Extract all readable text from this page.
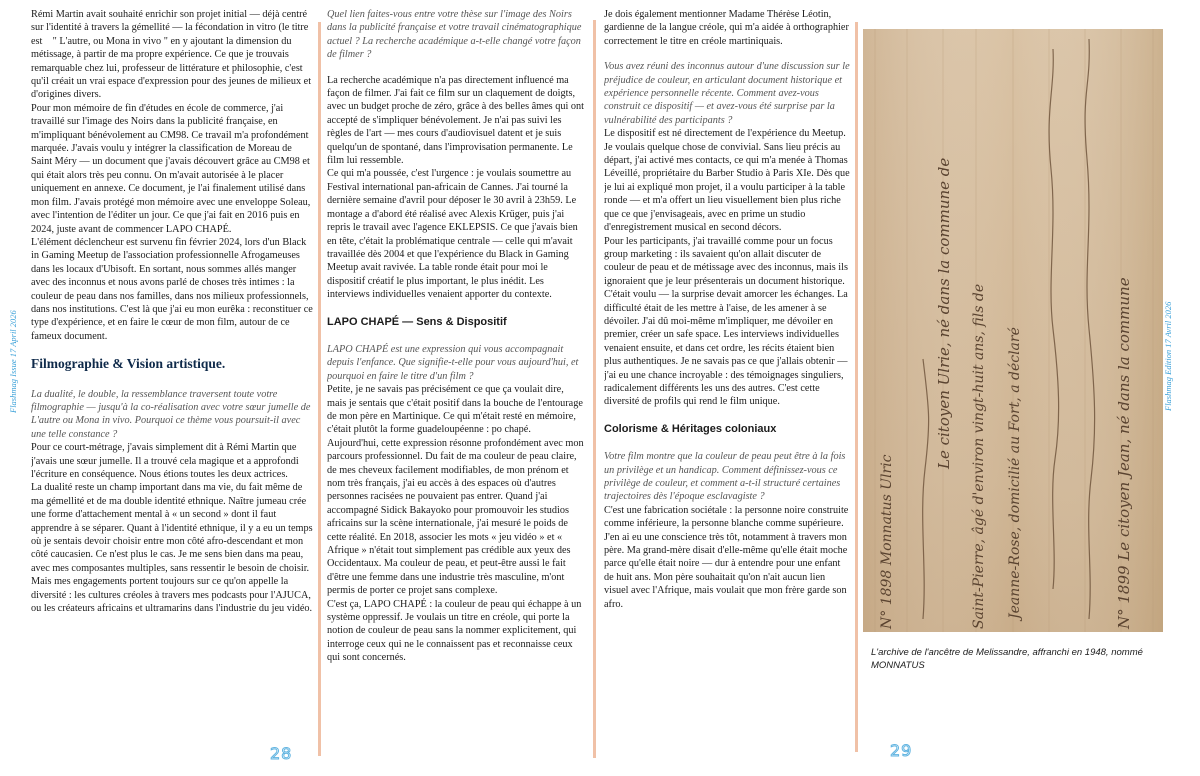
Rémi Martin avait souhaité enrichir son projet initial — déjà centré sur l'identité à travers la gémellité — la fécondation in vitro (le titre est    " L'autre, ou Mona in vivo " en y ajoutant la dimension du métissage, à partir de ma propre expérience. Ce que je trouvais remarquable chez lui, professeur de littérature et philosophie, c'est qu'il créait un vrai espace d'expression pour des jeunes de milieux et d'origines divers.
Pour mon mémoire de fin d'études en école de commerce, j'ai travaillé sur l'image des Noirs dans la publicité française, en m'impliquant bénévolement au CM98. Ce travail m'a profondément marquée. J'avais voulu y intégrer la classification de Moreau de Saint Méry — un document que j'avais découvert grâce au CM98 et qui était alors très peu connu. On m'avait autorisée à le placer uniquement en annexe. Ce document, je l'ai finalement utilisé dans mon film. J'avais protégé mon mémoire avec une enveloppe Soleau, avec l'intention de l'éditer un jour. Ce que j'ai fait en 2016 puis en 2024, juste avant de commencer LAPO CHAPÉ.
L'élément déclencheur est survenu fin février 2024, lors d'un Black in Gaming Meetup de l'association professionnelle Afrogameuses dans les locaux d'Ubisoft. En sortant, nous sommes allés manger avec des inconnus et nous avons parlé de choses très intimes : la couleur de peau dans nos familles, dans nos milieux professionnels, dans nos institutions. C'est là que j'ai eu mon eurêka : reconstituer ce type d'expérience, et en faire le cœur de mon film, autour de ce fameux document.
Filmographie & Vision artistique.
La dualité, le double, la ressemblance traversent toute votre filmographie — jusqu'à la co-réalisation avec votre sœur jumelle de L'autre ou Mona in vivo. Pourquoi ce thème vous poursuit-il avec une telle constance ?
Pour ce court-métrage, j'avais simplement dit à Rémi Martin que j'avais une sœur jumelle. Il a trouvé cela magique et a approfondi l'écriture en conséquence. Nous étions toutes les deux actrices.
La dualité reste un champ important dans ma vie, du fait même de ma gémellité et de ma double identité ethnique. Naître jumeau crée une forme d'attachement mental à « un second » dont il faut apprendre à se séparer. Quant à l'identité ethnique, il y a eu un temps où je sentais devoir choisir entre mon côté afro-descendant et mon côté caucasien. Ce n'est plus le cas. Je me sens bien dans ma peau, avec mes composantes multiples, sans ressentir le besoin de choisir.
Mais mes engagements portent toujours sur ce qu'on appelle la diversité : les cultures créoles à travers mes podcasts pour l'AJUCA, ou les créateurs africains et ultramarins dans l'industrie du jeu vidéo.
Quel lien faites-vous entre votre thèse sur l'image des Noirs dans la publicité française et votre travail cinématographique actuel ? La recherche académique a-t-elle changé votre façon de filmer ?
La recherche académique n'a pas directement influencé ma façon de filmer. J'ai fait ce film sur un claquement de doigts, avec un budget proche de zéro, grâce à des belles âmes qui ont accepté de s'impliquer bénévolement. Je n'ai pas suivi les règles de l'art — mes cours d'audiovisuel datent et je suis quelqu'un de spontané, dans l'improvisation permanente. Le film lui ressemble.
Ce qui m'a poussée, c'est l'urgence : je voulais soumettre au Festival international pan-africain de Cannes. J'ai tourné la dernière semaine d'avril pour déposer le 30 avril à 23h59. Le montage a d'abord été réalisé avec Alexis Krüger, puis j'ai repris le travail avec l'agence EKLEPSIS. Ce que j'avais bien en tête, c'était la problématique centrale — celle qui m'avait travaillée dès 2004 et que l'expérience du Black in Gaming Meetup avait ravivée. La table ronde était pour moi le dispositif créatif le plus important, le plus inédit. Les interviews individuelles venaient apporter du contexte.
LAPO CHAPÉ — Sens & Dispositif
LAPO CHAPÉ est une expression qui vous accompagnait depuis l'enfance. Que signifie-t-elle pour vous aujourd'hui, et pourquoi en faire le titre d'un film ?
Petite, je ne savais pas précisément ce que ça voulait dire, mais je sentais que c'était positif dans la bouche de l'entourage de mon père en Martinique. Ce qui m'était resté en mémoire, c'était plutôt la forme guadeloupéenne : po chapé.
Aujourd'hui, cette expression résonne profondément avec mon parcours professionnel. Du fait de ma couleur de peau claire, de mes cheveux facilement modifiables, de mon prénom et nom très français, j'ai eu accès à des espaces où d'autres personnes racisées ne pouvaient pas entrer. Quand j'ai accompagné Sidick Bakayoko pour promouvoir les studios africains sur la scène internationale, j'ai mesuré le poids de cette réalité. En 2018, associer les mots « jeu vidéo » et « Afrique » n'était tout simplement pas crédible aux yeux des Occidentaux. Ma couleur de peau, et peut-être aussi le fait d'être une femme dans une industrie très masculine, m'ont permis de porter ce projet sans complexe.
C'est ça, LAPO CHAPÉ : la couleur de peau qui échappe à un système oppressif. Je voulais un titre en créole, qui porte la notion de couleur de peau sans la nommer explicitement, qui interroge ceux qui ne le connaissent pas et reconnaisse ceux qui sont concernés.
Je dois également mentionner Madame Thérèse Léotin, gardienne de la langue créole, qui m'a aidée à orthographier correctement le titre en créole martiniquais.
Vous avez réuni des inconnus autour d'une discussion sur le préjudice de couleur, en articulant document historique et expérience personnelle récente. Comment avez-vous construit ce dispositif — et avez-vous été surprise par la vulnérabilité des participants ?
Le dispositif est né directement de l'expérience du Meetup. Je voulais quelque chose de convivial. Sans lieu précis au départ, j'ai activé mes contacts, ce qui m'a menée à Thomas Léveillé, propriétaire du Barber Studio à Paris XIe. Dès que je lui ai expliqué mon projet, il a voulu participer à la table ronde — et m'a offert un lieu visuellement bien plus riche que ce que j'envisageais, avec en prime un studio d'enregistrement musical en second décors.
Pour les participants, j'ai travaillé comme pour un focus group marketing : ils savaient qu'on allait discuter de couleur de peau et de métissage avec des inconnus, mais ils ignoraient que je leur présenterais un document historique. C'était voulu — la surprise devait amorcer les échanges. La difficulté était de les mettre à l'aise, de les amener à se dévoiler. J'ai dû moi-même m'impliquer, me dévoiler en premier, créer un safe space. Les interviews individuelles venaient ensuite, et dans cet ordre, les récits étaient bien plus authentiques. Je ne savais pas ce que j'allais obtenir — j'ai eu une chance incroyable : des témoignages singuliers, radicalement différents les uns des autres. C'est cette diversité de profils qui rend le film unique.
Colorisme & Héritages coloniaux
Votre film montre que la couleur de peau peut être à la fois un privilège et un handicap. Comment définissez-vous ce privilège de couleur, et comment a-t-il structuré certaines trajectoires dès l'époque esclavagiste ?
C'est une fabrication sociétale : la personne noire construite comme inférieure, la personne blanche comme supérieure. J'en ai eu une conscience très tôt, notamment à travers mon père. Ma grand-mère disait d'elle-même qu'elle était moche parce qu'elle était noire — dur à entendre pour une enfant de huit ans. Mon père souhaitait qu'on n'ait aucun lien visuel avec l'Afrique, mais voulait que mon frère garde son afro.
Flashmag Issue 17 April 2026	Flashmag Edition 17 Avril 2026
28	29
Le citoyen Ulrie, né dans la commune de Saint-Pierre, âgé d'environ vingt-huit ans, fils de Jeanne-Rose, domicilié au Fort, a déclaré
N° 1898 Monnatus Ulric	N° 1899 Le citoyen Jean, né dans la commune
L'archive de l'ancêtre de Melissandre, affranchi en 1948, nommé MONNATUS
